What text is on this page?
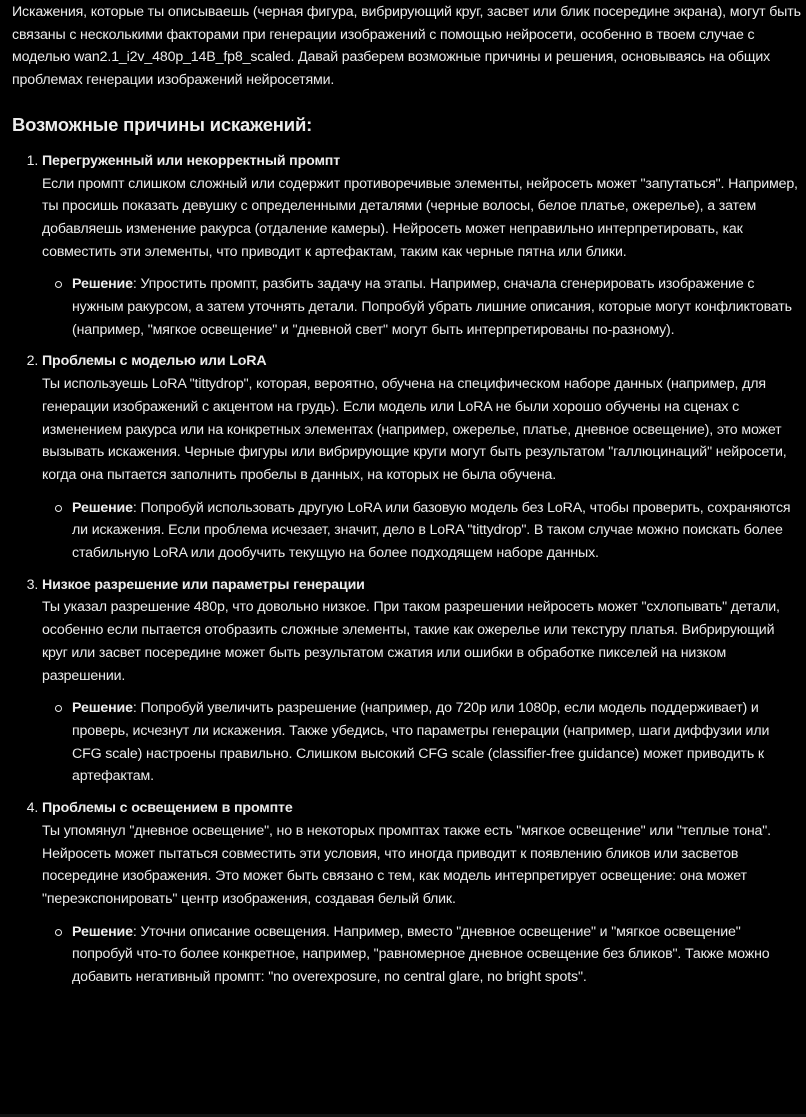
Искажения, которые ты описываешь (черная фигура, вибрирующий круг, засвет или блик посередине экрана), могут быть связаны с несколькими факторами при генерации изображений с помощью нейросети, особенно в твоем случае с моделью wan2.1_i2v_480p_14B_fp8_scaled. Давай разберем возможные причины и решения, основываясь на общих проблемах генерации изображений нейросетями.

Возможные причины искажений:
1. Перегруженный или некорректный промпт
Если промпт слишком сложный или содержит противоречивые элементы, нейросеть может "запутаться". Например, ты просишь показать девушку с определенными деталями (черные волосы, белое платье, ожерелье), а затем добавляешь изменение ракурса (отдаление камеры). Нейросеть может неправильно интерпретировать, как совместить эти элементы, что приводит к артефактам, таким как черные пятна или блики.
Решение: Упростить промпт, разбить задачу на этапы. Например, сначала сгенерировать изображение с нужным ракурсом, а затем уточнять детали. Попробуй убрать лишние описания, которые могут конфликтовать (например, "мягкое освещение" и "дневной свет" могут быть интерпретированы по-разному).
2. Проблемы с моделью или LoRA
Ты используешь LoRA "tittydrop", которая, вероятно, обучена на специфическом наборе данных (например, для генерации изображений с акцентом на грудь). Если модель или LoRA не были хорошо обучены на сценах с изменением ракурса или на конкретных элементах (например, ожерелье, платье, дневное освещение), это может вызывать искажения. Черные фигуры или вибрирующие круги могут быть результатом "галлюцинаций" нейросети, когда она пытается заполнить пробелы в данных, на которых не была обучена.
Решение: Попробуй использовать другую LoRA или базовую модель без LoRA, чтобы проверить, сохраняются ли искажения. Если проблема исчезает, значит, дело в LoRA "tittydrop". В таком случае можно поискать более стабильную LoRA или дообучить текущую на более подходящем наборе данных.
3. Низкое разрешение или параметры генерации
Ты указал разрешение 480p, что довольно низкое. При таком разрешении нейросеть может "схлопывать" детали, особенно если пытается отобразить сложные элементы, такие как ожерелье или текстуру платья. Вибрирующий круг или засвет посередине может быть результатом сжатия или ошибки в обработке пикселей на низком разрешении.
Решение: Попробуй увеличить разрешение (например, до 720p или 1080p, если модель поддерживает) и проверь, исчезнут ли искажения. Также убедись, что параметры генерации (например, шаги диффузии или CFG scale) настроены правильно. Слишком высокий CFG scale (classifier-free guidance) может приводить к артефактам.
4. Проблемы с освещением в промпте
Ты упомянул "дневное освещение", но в некоторых промптах также есть "мягкое освещение" или "теплые тона". Нейросеть может пытаться совместить эти условия, что иногда приводит к появлению бликов или засветов посередине изображения. Это может быть связано с тем, как модель интерпретирует освещение: она может "переэкспонировать" центр изображения, создавая белый блик.
Решение: Уточни описание освещения. Например, вместо "дневное освещение" и "мягкое освещение" попробуй что-то более конкретное, например, "равномерное дневное освещение без бликов". Также можно добавить негативный промпт: "no overexposure, no central glare, no bright spots".
